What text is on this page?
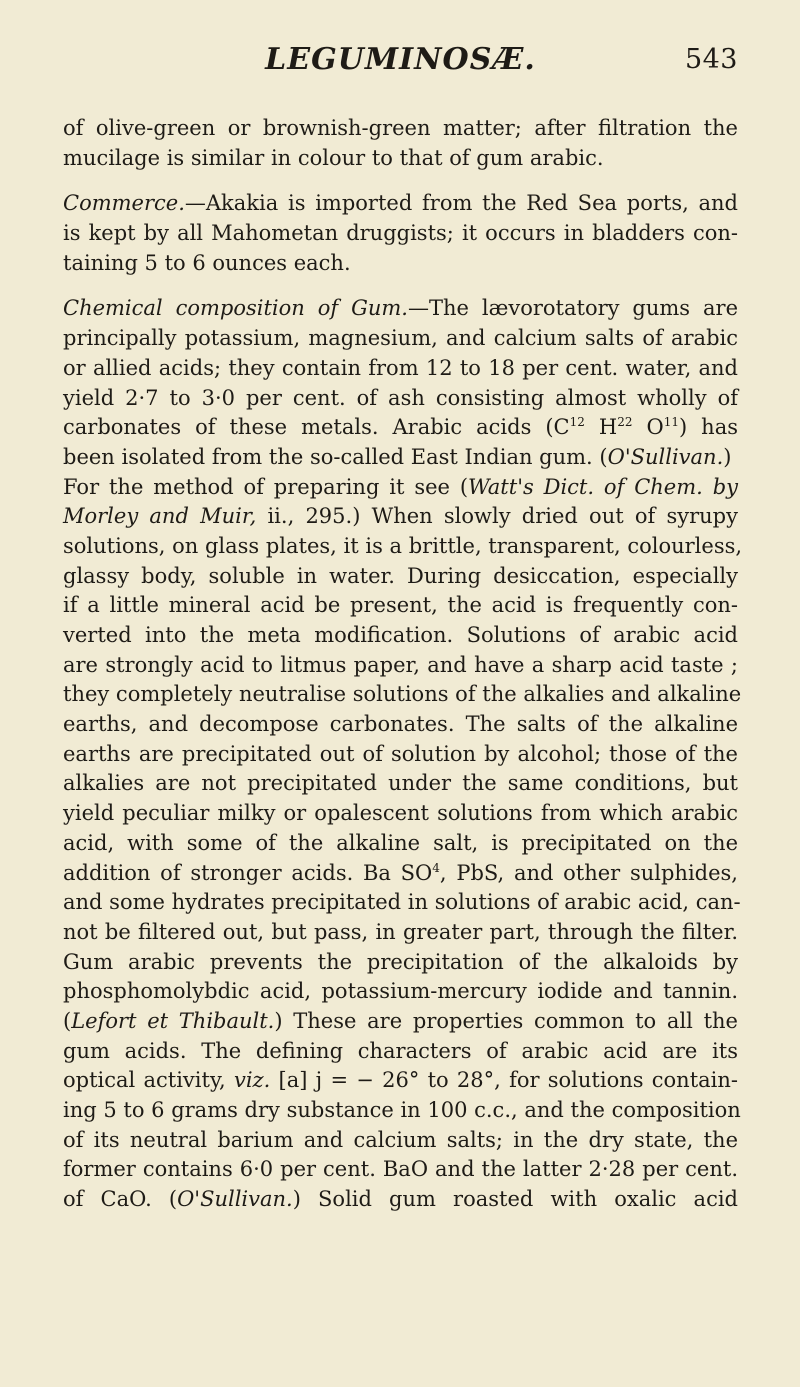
LEGUMINOSÆ.	543
of olive-green or brownish-green matter; after filtration the
mucilage is similar in colour to that of gum arabic.
Commerce.—Akakia is imported from the Red Sea ports, and
is kept by all Mahometan druggists; it occurs in bladders con-
taining 5 to 6 ounces each.
Chemical composition of Gum.—The lævorotatory gums are
principally potassium, magnesium, and calcium salts of arabic
or allied acids; they contain from 12 to 18 per cent. water, and
yield 2·7 to 3·0 per cent. of ash consisting almost wholly of
carbonates of these metals. Arabic acids ($C^{12}$ $H^{22}$ $O^{11}$) has
been isolated from the so-called East Indian gum. (O'Sullivan.)
For the method of preparing it see (Watt's Dict. of Chem. by
Morley and Muir, ii., 295.) When slowly dried out of syrupy
solutions, on glass plates, it is a brittle, transparent, colourless,
glassy body, soluble in water. During desiccation, especially
if a little mineral acid be present, the acid is frequently con-
verted into the meta modification. Solutions of arabic acid
are strongly acid to litmus paper, and have a sharp acid taste ;
they completely neutralise solutions of the alkalies and alkaline
earths, and decompose carbonates. The salts of the alkaline
earths are precipitated out of solution by alcohol; those of the
alkalies are not precipitated under the same conditions, but
yield peculiar milky or opalescent solutions from which arabic
acid, with some of the alkaline salt, is precipitated on the
addition of stronger acids. Ba $SO^4$, PbS, and other sulphides,
and some hydrates precipitated in solutions of arabic acid, can-
not be filtered out, but pass, in greater part, through the filter.
Gum arabic prevents the precipitation of the alkaloids by
phosphomolybdic acid, potassium-mercury iodide and tannin.
(Lefort et Thibault.) These are properties common to all the
gum acids. The defining characters of arabic acid are its
optical activity, viz. [a] j = − 26° to 28°, for solutions contain-
ing 5 to 6 grams dry substance in 100 c.c., and the composition
of its neutral barium and calcium salts; in the dry state, the
former contains 6·0 per cent. BaO and the latter 2·28 per cent.
of CaO. (O'Sullivan.) Solid gum roasted with oxalic acid
